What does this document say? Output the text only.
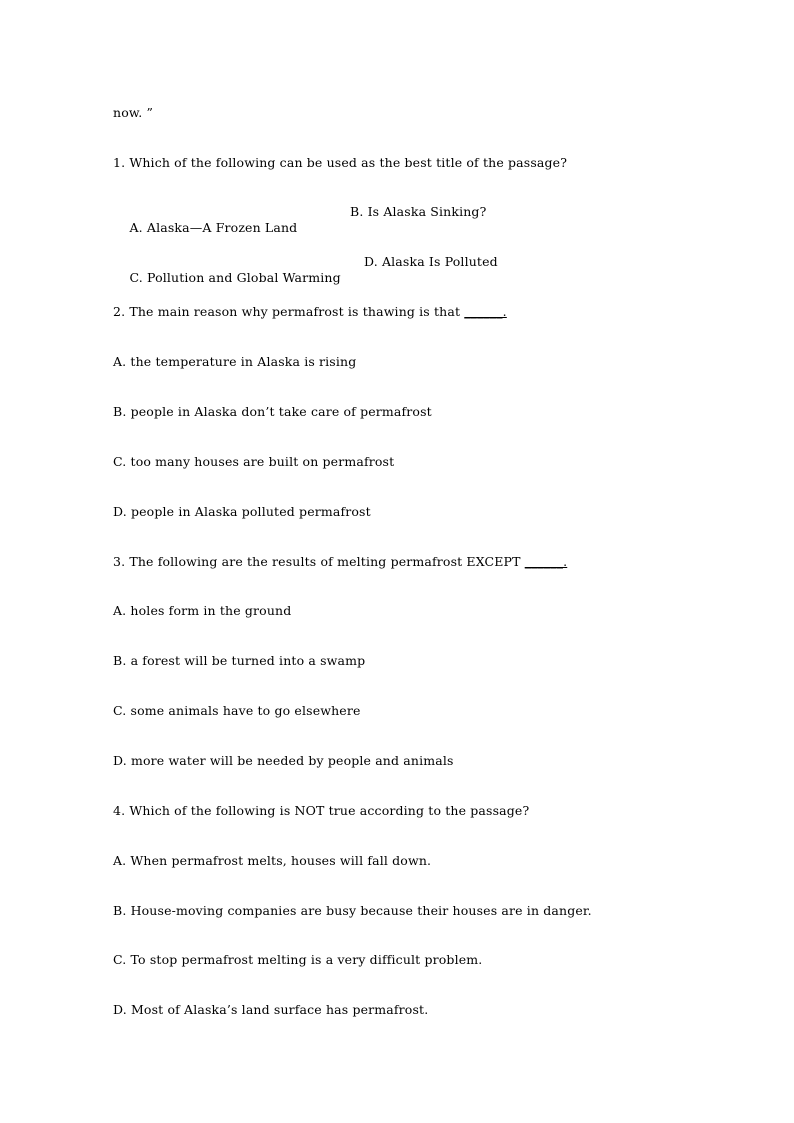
now. ”
1. Which of the following can be used as the best title of the passage?

A. Alaska—A Frozen Land

B. Is Alaska Sinking?

C. Pollution and Global Warming

D. Alaska Is Polluted

2. The main reason why permafrost is thawing is that ______.
A. the temperature in Alaska is rising
B. people in Alaska don’t take care of permafrost
C. too many houses are built on permafrost
D. people in Alaska polluted permafrost
3. The following are the results of melting permafrost EXCEPT ______.
A. holes form in the ground
B. a forest will be turned into a swamp
C. some animals have to go elsewhere
D. more water will be needed by people and animals
4. Which of the following is NOT true according to the passage?
A. When permafrost melts, houses will fall down.
B. House-moving companies are busy because their houses are in danger.
C. To stop permafrost melting is a very difficult problem.
D. Most of Alaska’s land surface has permafrost.
